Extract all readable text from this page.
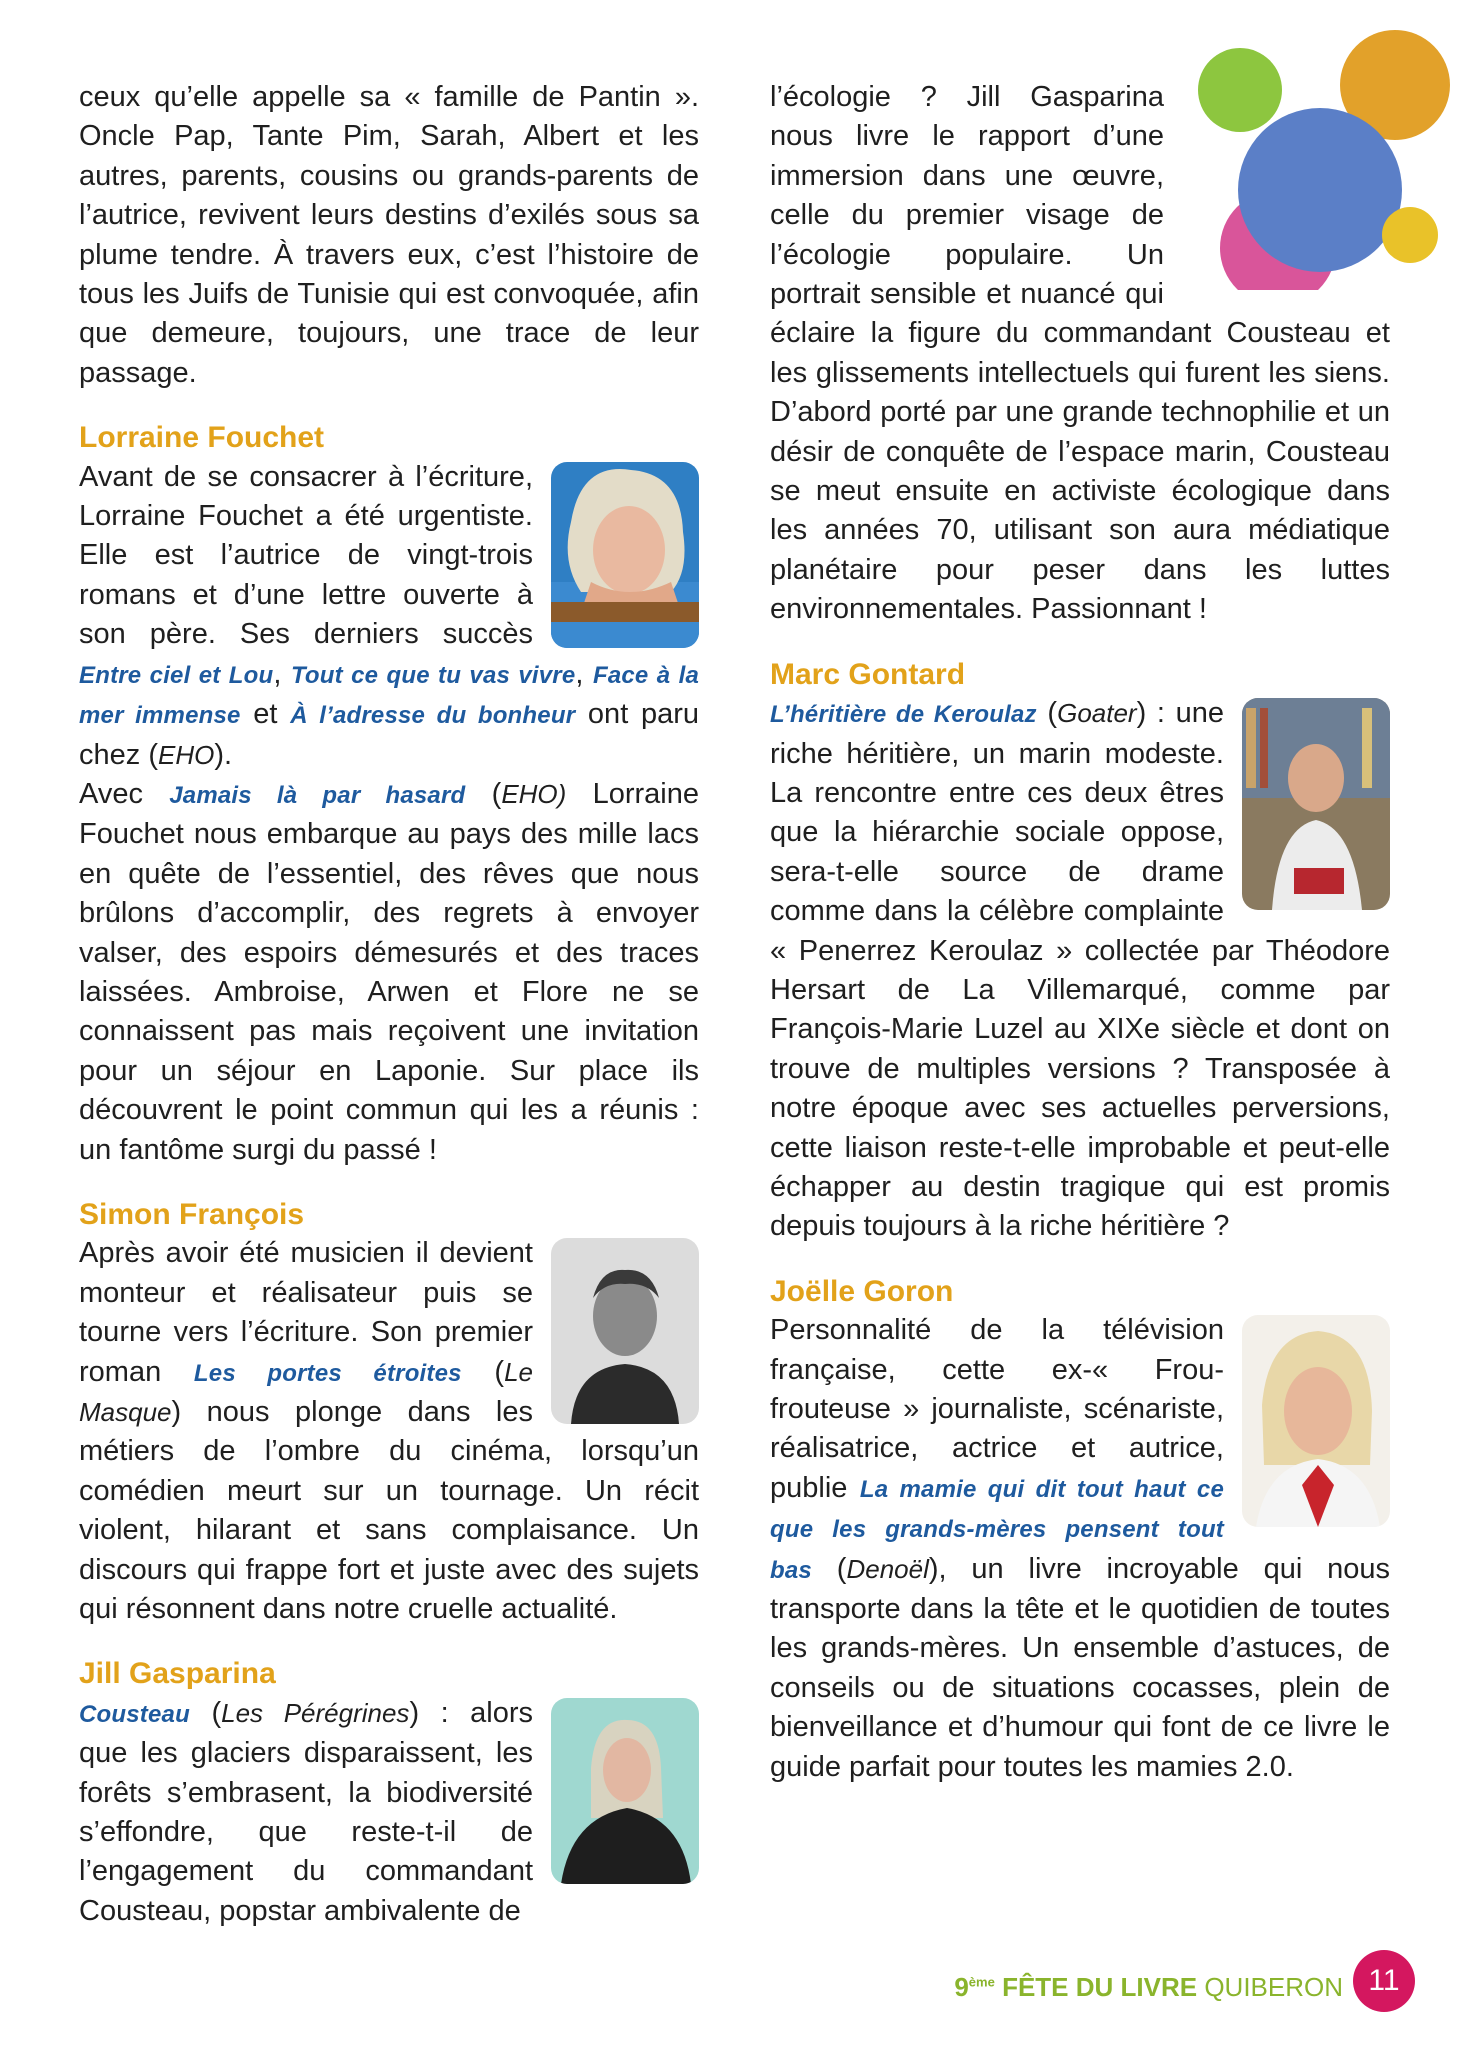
ceux qu’elle appelle sa « famille de Pantin ». Oncle Pap, Tante Pim, Sarah, Albert et les autres, parents, cousins ou grands-parents de l’autrice, revivent leurs destins d’exilés sous sa plume tendre. À travers eux, c’est l’histoire de tous les Juifs de Tunisie qui est convoquée, afin que demeure, toujours, une trace de leur passage.

Lorraine Fouchet

Avant de se consacrer à l’écriture, Lorraine Fouchet a été urgentiste. Elle est l’autrice de vingt-trois romans et d’une lettre ouverte à son père. Ses derniers succès Entre ciel et Lou, Tout ce que tu vas vivre, Face à la mer immense et À l’adresse du bonheur ont paru chez (EHO).

Avec Jamais là par hasard (EHO) Lorraine Fouchet nous embarque au pays des mille lacs en quête de l’essentiel, des rêves que nous brûlons d’accomplir, des regrets à envoyer valser, des espoirs démesurés et des traces laissées. Ambroise, Arwen et Flore ne se connaissent pas mais reçoivent une invitation pour un séjour en Laponie. Sur place ils découvrent le point commun qui les a réunis : un fantôme surgi du passé !

Simon François

Après avoir été musicien il devient monteur et réalisateur puis se tourne vers l’écriture. Son premier roman Les portes étroites (Le Masque) nous plonge dans les métiers de l’ombre du cinéma, lorsqu’un comédien meurt sur un tournage. Un récit violent, hilarant et sans complaisance. Un discours qui frappe fort et juste avec des sujets qui résonnent dans notre cruelle actualité.

Jill Gasparina

Cousteau (Les Pérégrines) : alors que les glaciers disparaissent, les forêts s’embrasent, la biodiversité s’effondre, que reste-t-il de l’engagement du commandant Cousteau, popstar ambivalente de

l’écologie ? Jill Gasparina nous livre le rapport d’une immersion dans une œuvre, celle du premier visage de l’écologie populaire. Un portrait sensible et nuancé qui éclaire la figure du commandant Cousteau et les glissements intellectuels qui furent les siens. D’abord porté par une grande technophilie et un désir de conquête de l’espace marin, Cousteau se meut ensuite en activiste écologique dans les années 70, utilisant son aura médiatique planétaire pour peser dans les luttes environnementales. Passionnant !

Marc Gontard

L’héritière de Keroulaz (Goater) : une riche héritière, un marin modeste. La rencontre entre ces deux êtres que la hiérarchie sociale oppose, sera-t-elle source de drame comme dans la célèbre complainte « Penerrez Keroulaz » collectée par Théodore Hersart de La Villemarqué, comme par François-Marie Luzel au XIXe siècle et dont on trouve de multiples versions ? Transposée à notre époque avec ses actuelles perversions, cette liaison reste-t-elle improbable et peut-elle échapper au destin tragique qui est promis depuis toujours à la riche héritière ?

Joëlle Goron

Personnalité de la télévision française, cette ex-« Frou-frouteuse » journaliste, scénariste, réalisatrice, actrice et autrice, publie La mamie qui dit tout haut ce que les grands-mères pensent tout bas (Denoël), un livre incroyable qui nous transporte dans la tête et le quotidien de toutes les grands-mères. Un ensemble d’astuces, de conseils ou de situations cocasses, plein de bienveillance et d’humour qui font de ce livre le guide parfait pour toutes les mamies 2.0.

9ème FÊTE DU LIVRE QUIBERON 11
